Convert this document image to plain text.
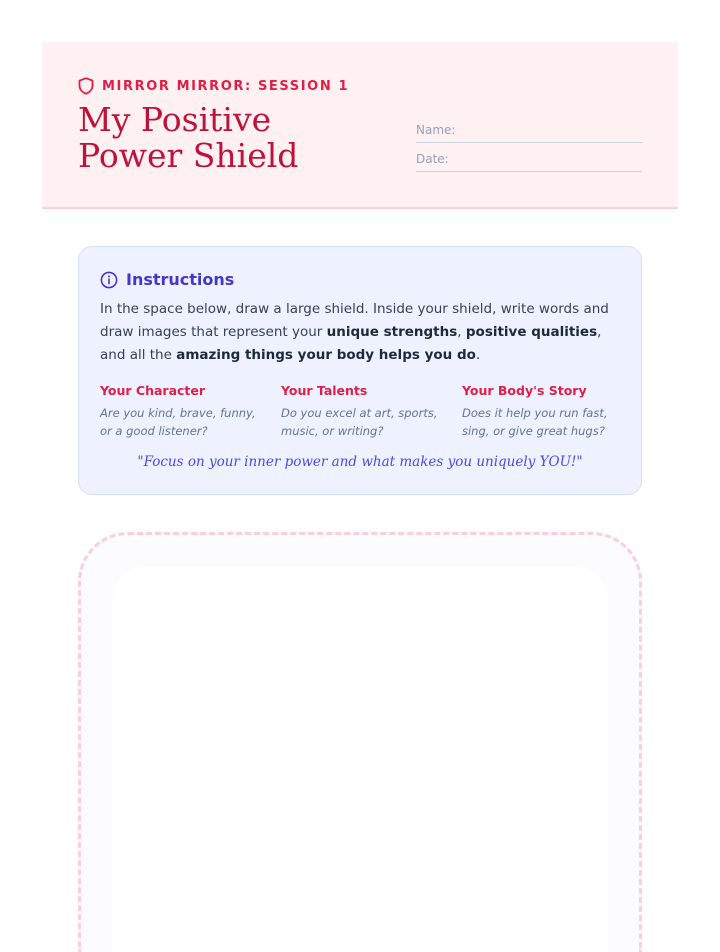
MIRROR MIRROR: SESSION 1
My Positive Power Shield
Name:
Date:
Instructions

In the space below, draw a large shield. Inside your shield, write words and draw images that represent your unique strengths, positive qualities, and all the amazing things your body helps you do.

Your Character

Are you kind, brave, funny, or a good listener?

Your Talents

Do you excel at art, sports, music, or writing?

Your Body's Story

Does it help you run fast, sing, or give great hugs?

"Focus on your inner power and what makes you uniquely YOU!"
